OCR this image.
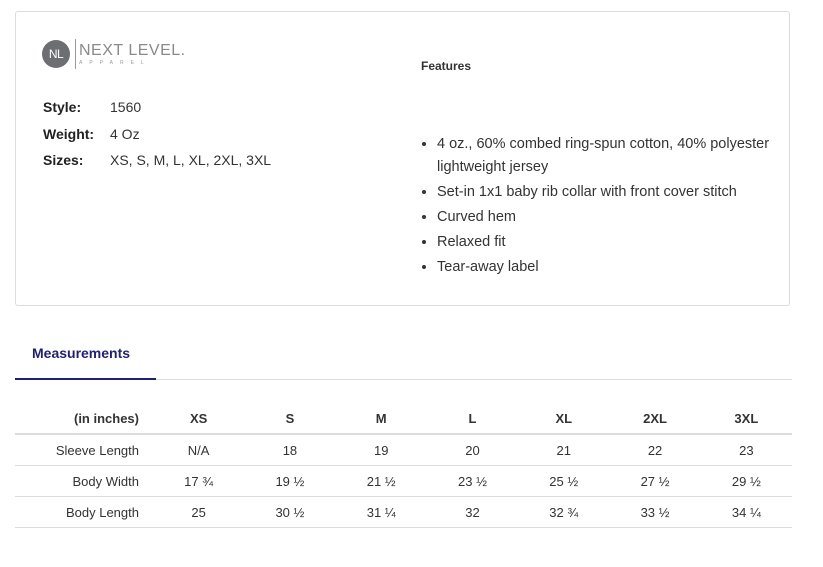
NL NEXT LEVEL.
APPAREL
Style:	1560
Weight:	4 Oz
Sizes:	XS, S, M, L, XL, 2XL, 3XL
Features
• 4 oz., 60% combed ring-spun cotton, 40% polyester lightweight jersey
• Set-in 1x1 baby rib collar with front cover stitch
• Curved hem
• Relaxed fit
• Tear-away label
Measurements
(in inches)	XS	S	M	L	XL	2XL	3XL
Sleeve Length	N/A	18	19	20	21	22	23
Body Width	17 ¾	19 ½	21 ½	23 ½	25 ½	27 ½	29 ½
Body Length	25	30 ½	31 ¼	32	32 ¾	33 ½	34 ¼
